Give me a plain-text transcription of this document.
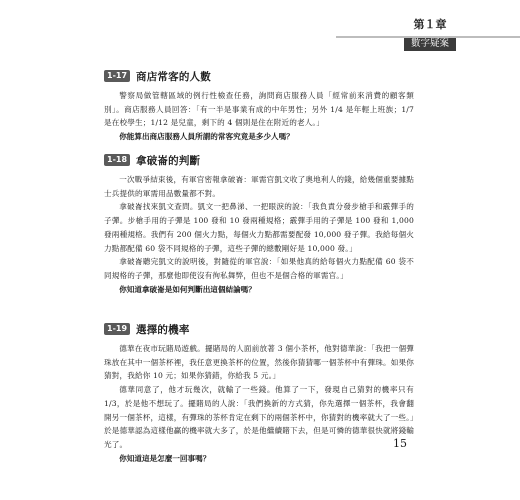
第１章
數字疑案
1-17 商店常客的人數

警察局做管轄區域的例行性檢查任務，詢問商店服務人員「經常前來消費的顧客類別」。商店服務人員回答：「有一半是事業有成的中年男性；另外 1/4 是年輕上班族；1/7 是在校學生；1/12 是兒童，剩下的 4 個則是住在附近的老人。」

你能算出商店服務人員所謂的常客究竟是多少人嗎？

1-18 拿破崙的判斷

一次戰爭結束後，有軍官密報拿破崙：軍需官凱文收了奧地利人的錢，給幾個重要據點士兵提供的軍需用品數量都不對。

拿破崙找來凱文查問。凱文一把鼻涕、一把眼淚的說：「我負責分發步槍手和霰彈手的子彈。步槍手用的子彈是 100 發和 10 發兩種規格；霰彈手用的子彈是 100 發和 1,000 發兩種規格。我們有 200 個火力點，每個火力點都需要配發 10,000 發子彈。我給每個火力點都配備 60 袋不同規格的子彈，這些子彈的總數剛好是 10,000 發。」

拿破崙聽完凱文的說明後，對隨從的軍官說：「如果他真的給每個火力點配備 60 袋不同規格的子彈，那麼他即使沒有徇私舞弊，但也不是個合格的軍需官。」

你知道拿破崙是如何判斷出這個結論嗎？

1-19 選擇的機率

德華在夜市玩賭局遊戲。擺賭局的人面前放著 3 個小茶杯，他對德華說：「我把一個彈珠放在其中一個茶杯裡，我任意更換茶杯的位置，然後你猜猜哪一個茶杯中有彈珠。如果你猜對，我給你 10 元；如果你猜錯，你給我 5 元。」

德華同意了，他才玩幾次，就輸了一些錢。他算了一下，發現自己猜對的機率只有 1/3，於是他不想玩了。擺賭局的人說：「我們換新的方式猜，你先選擇一個茶杯，我會翻開另一個茶杯，這樣，有彈珠的茶杯肯定在剩下的兩個茶杯中，你猜對的機率就大了一些。」於是德華認為這樣他贏的機率就大多了，於是他繼續賭下去，但是可憐的德華很快就將錢輸光了。

你知道這是怎麼一回事嗎？

15
